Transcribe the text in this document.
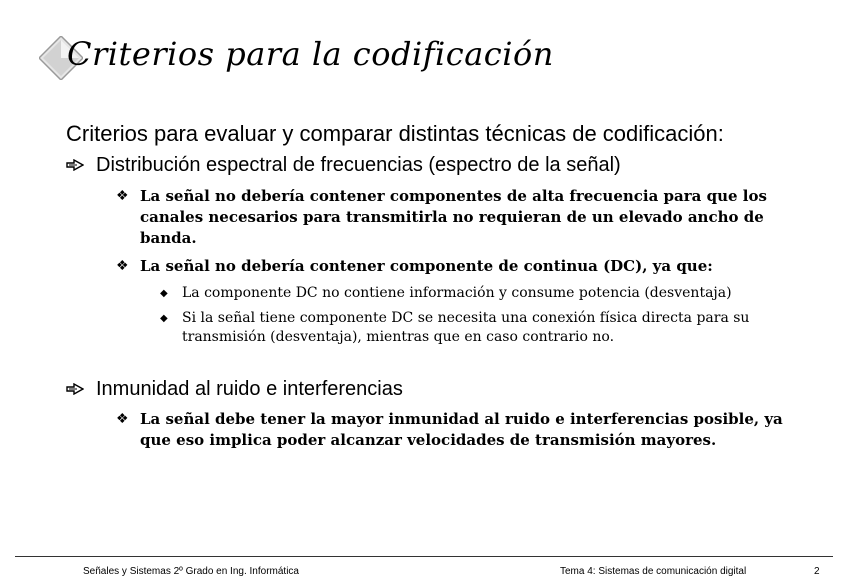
Criterios para la codificación
Criterios para evaluar y comparar distintas técnicas de codificación:
Distribución espectral de frecuencias (espectro de la señal)
❖ La señal no debería contener componentes de alta frecuencia para que los canales necesarios para transmitirla no requieran de un elevado ancho de banda.
❖ La señal no debería contener componente de continua (DC), ya que:
◆ La componente DC no contiene información y consume potencia (desventaja)
◆ Si la señal tiene componente DC se necesita una conexión física directa para su transmisión (desventaja), mientras que en caso contrario no.
Inmunidad al ruido e interferencias
❖ La señal debe tener la mayor inmunidad al ruido e interferencias posible, ya que eso implica poder alcanzar velocidades de transmisión mayores.
Señales y Sistemas 2º Grado en Ing. Informática	Tema 4: Sistemas de comunicación digital	2
